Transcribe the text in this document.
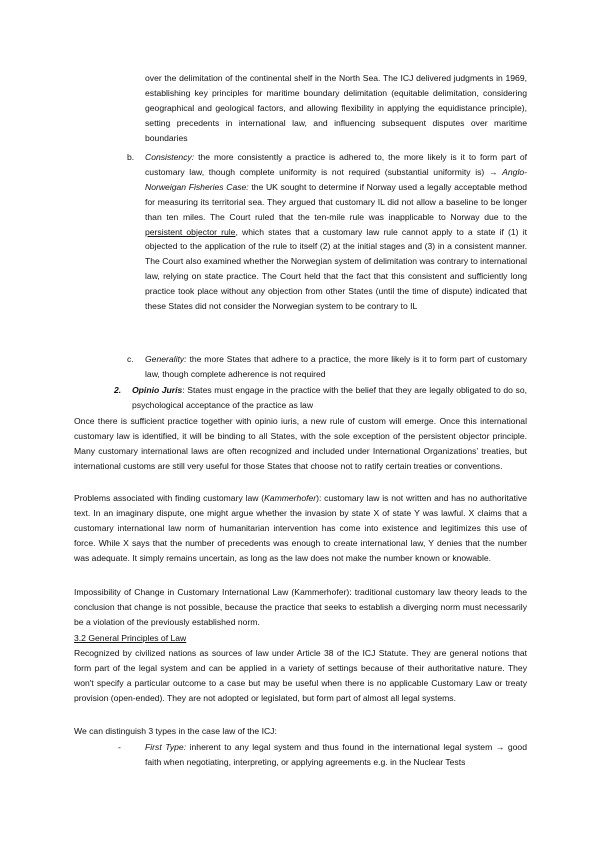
over the delimitation of the continental shelf in the North Sea. The ICJ delivered judgments in 1969, establishing key principles for maritime boundary delimitation (equitable delimitation, considering geographical and geological factors, and allowing flexibility in applying the equidistance principle), setting precedents in international law, and influencing subsequent disputes over maritime boundaries

b. Consistency: the more consistently a practice is adhered to, the more likely is it to form part of customary law, though complete uniformity is not required (substantial uniformity is) → Anglo-Norweigan Fisheries Case: the UK sought to determine if Norway used a legally acceptable method for measuring its territorial sea. They argued that customary IL did not allow a baseline to be longer than ten miles. The Court ruled that the ten-mile rule was inapplicable to Norway due to the persistent objector rule, which states that a customary law rule cannot apply to a state if (1) it objected to the application of the rule to itself (2) at the initial stages and (3) in a consistent manner. The Court also examined whether the Norwegian system of delimitation was contrary to international law, relying on state practice. The Court held that the fact that this consistent and sufficiently long practice took place without any objection from other States (until the time of dispute) indicated that these States did not consider the Norwegian system to be contrary to IL

c. Generality: the more States that adhere to a practice, the more likely is it to form part of customary law, though complete adherence is not required

2. Opinio Juris: States must engage in the practice with the belief that they are legally obligated to do so, psychological acceptance of the practice as law

Once there is sufficient practice together with opinio iuris, a new rule of custom will emerge. Once this international customary law is identified, it will be binding to all States, with the sole exception of the persistent objector principle. Many customary international laws are often recognized and included under International Organizations’ treaties, but international customs are still very useful for those States that choose not to ratify certain treaties or conventions.

Problems associated with finding customary law (Kammerhofer): customary law is not written and has no authoritative text. In an imaginary dispute, one might argue whether the invasion by state X of state Y was lawful. X claims that a customary international law norm of humanitarian intervention has come into existence and legitimizes this use of force. While X says that the number of precedents was enough to create international law, Y denies that the number was adequate. It simply remains uncertain, as long as the law does not make the number known or knowable.

Impossibility of Change in Customary International Law (Kammerhofer): traditional customary law theory leads to the conclusion that change is not possible, because the practice that seeks to establish a diverging norm must necessarily be a violation of the previously established norm.

3.2 General Principles of Law

Recognized by civilized nations as sources of law under Article 38 of the ICJ Statute. They are general notions that form part of the legal system and can be applied in a variety of settings because of their authoritative nature. They won't specify a particular outcome to a case but may be useful when there is no applicable Customary Law or treaty provision (open-ended). They are not adopted or legislated, but form part of almost all legal systems.

We can distinguish 3 types in the case law of the ICJ:

-	First Type: inherent to any legal system and thus found in the international legal system → good faith when negotiating, interpreting, or applying agreements e.g. in the Nuclear Tests
